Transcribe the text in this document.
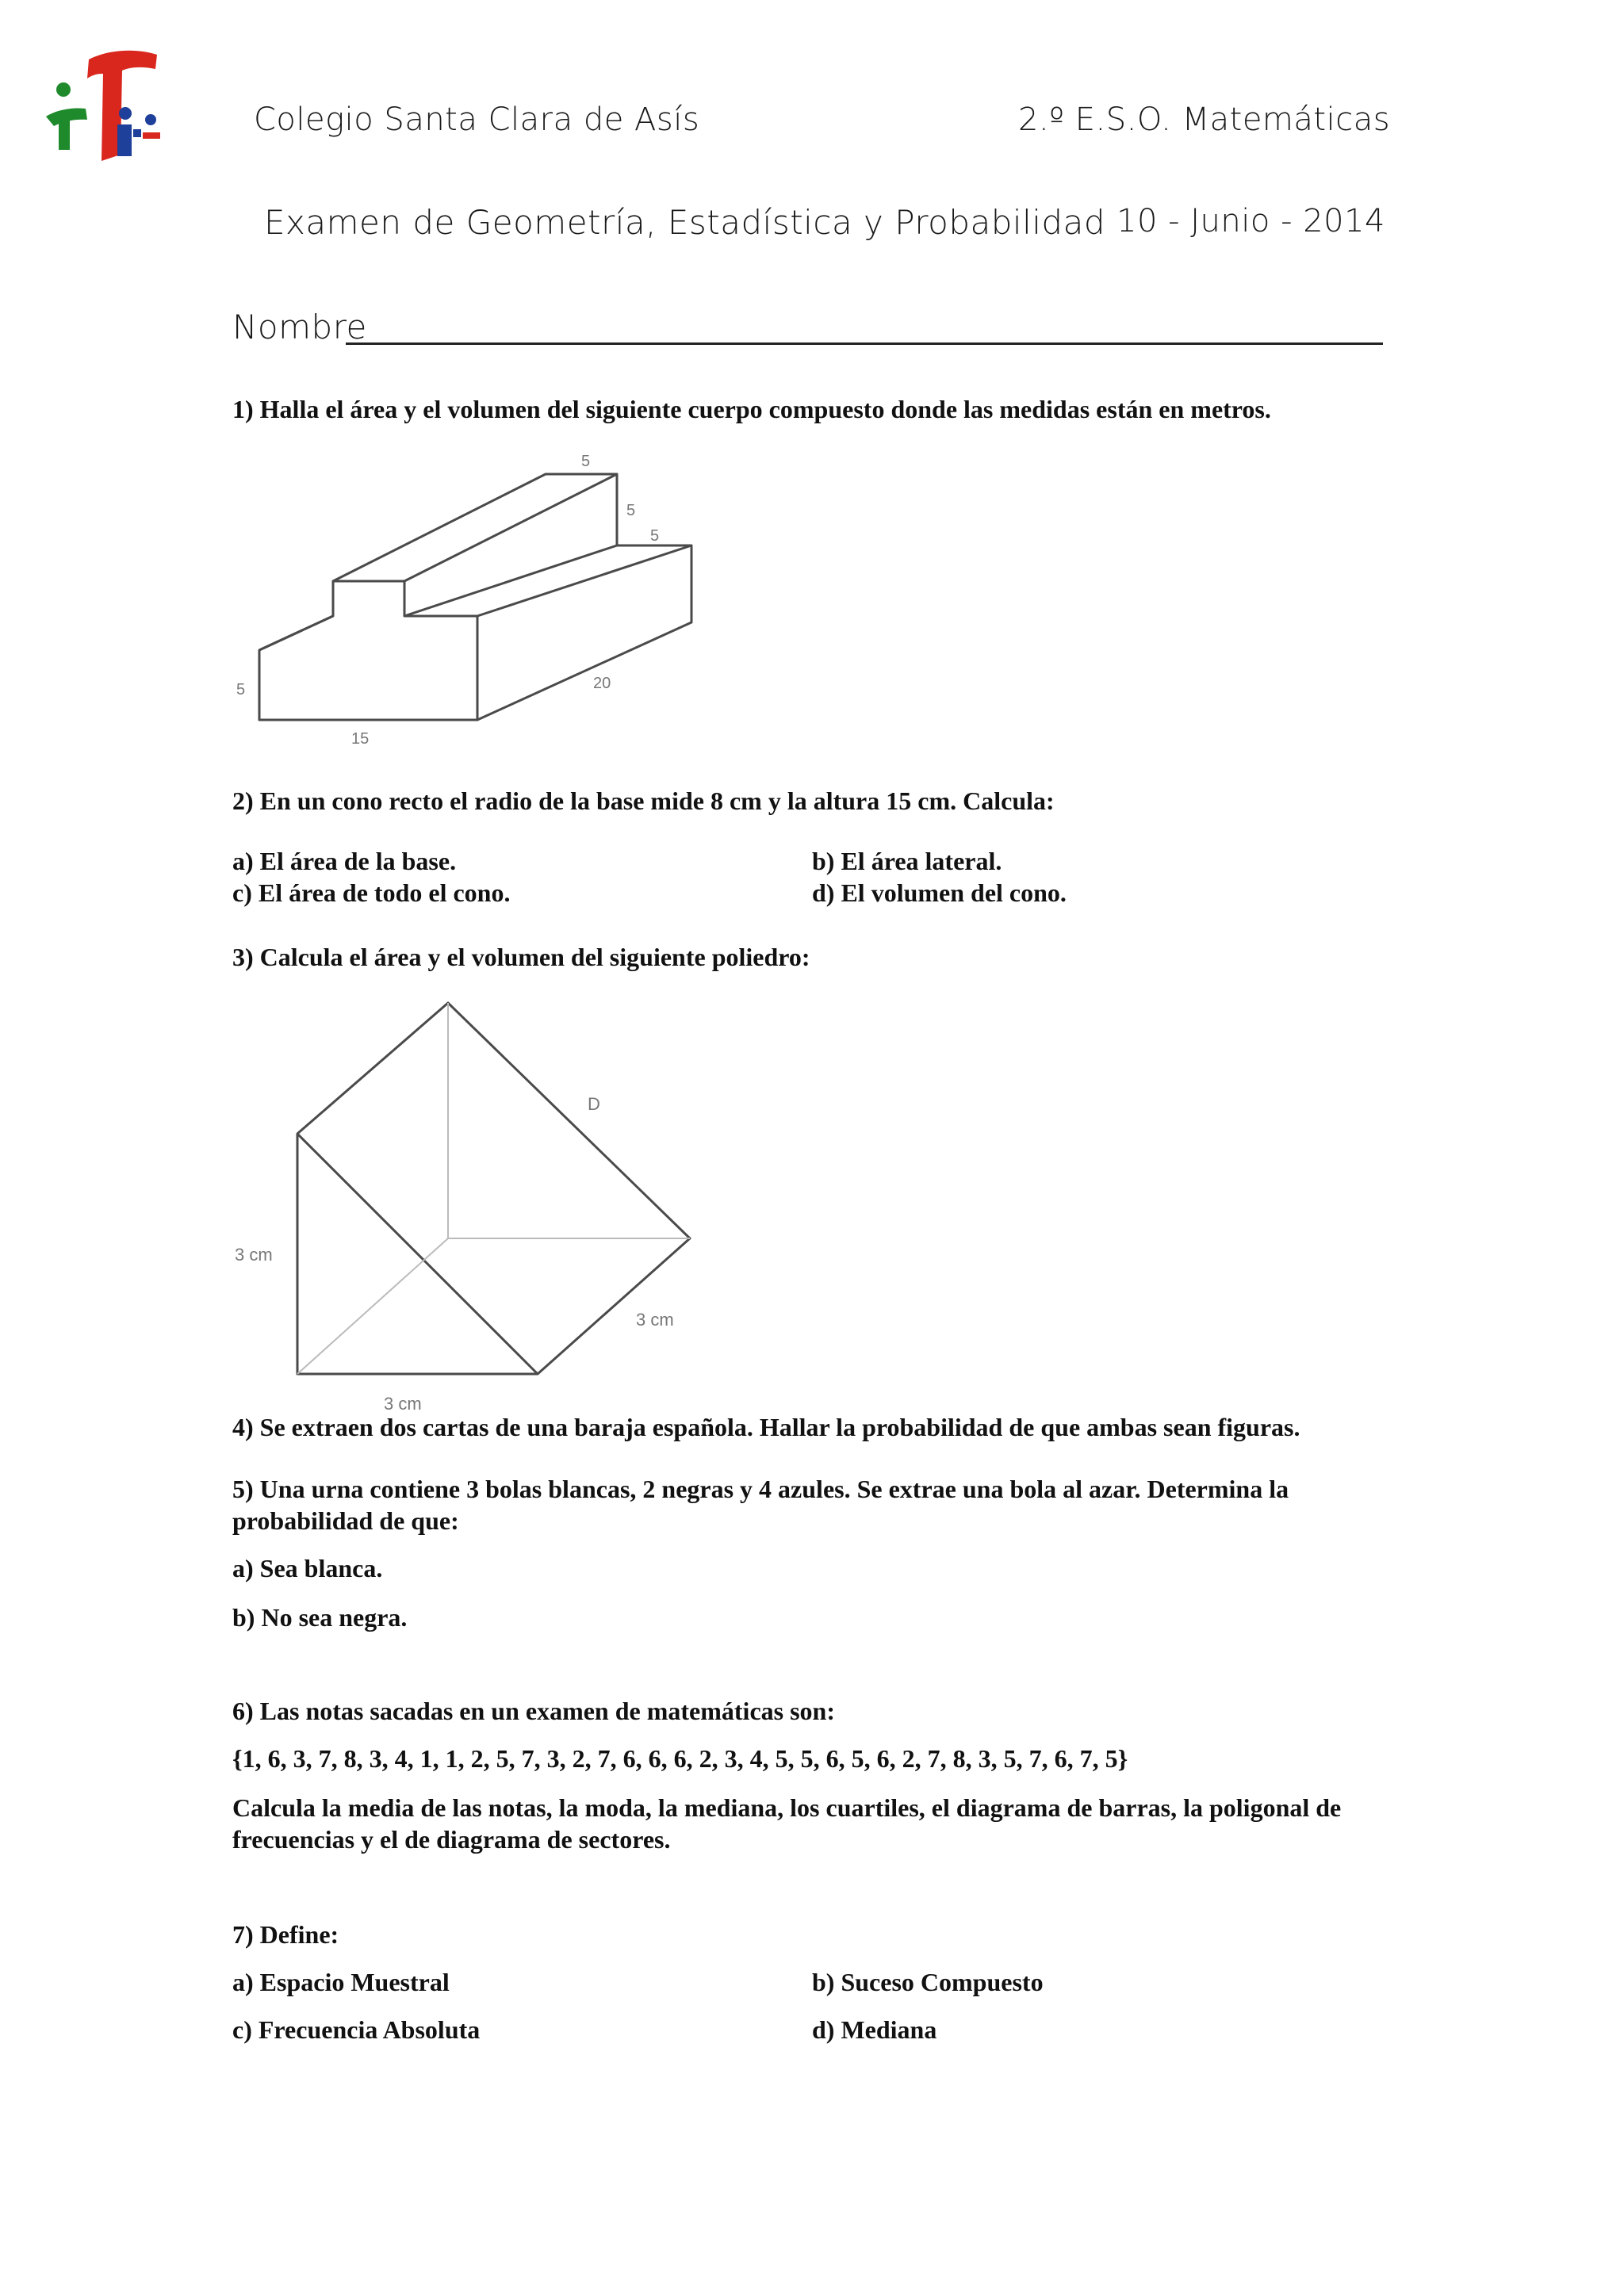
Colegio Santa Clara de Asís	2.º E.S.O. Matemáticas
Examen de Geometría, Estadística y Probabilidad 10 - Junio - 2014
Nombre
1) Halla el área y el volumen del siguiente cuerpo compuesto donde las medidas están en metros.
5
5
5
5	20
15
2) En un cono recto el radio de la base mide 8 cm y la altura 15 cm. Calcula:
a) El área de la base.	b) El área lateral.
c) El área de todo el cono.	d) El volumen del cono.
3) Calcula el área y el volumen del siguiente poliedro:
D
3 cm
3 cm
3 cm
4) Se extraen dos cartas de una baraja española. Hallar la probabilidad de que ambas sean figuras.
5) Una urna contiene 3 bolas blancas, 2 negras y 4 azules. Se extrae una bola al azar. Determina la probabilidad de que:
a) Sea blanca.
b) No sea negra.
6) Las notas sacadas en un examen de matemáticas son:
{1, 6, 3, 7, 8, 3, 4, 1, 1, 2, 5, 7, 3, 2, 7, 6, 6, 6, 2, 3, 4, 5, 5, 6, 5, 6, 2, 7, 8, 3, 5, 7, 6, 7, 5}
Calcula la media de las notas, la moda, la mediana, los cuartiles, el diagrama de barras, la poligonal de frecuencias y el de diagrama de sectores.
7) Define:
a) Espacio Muestral	b) Suceso Compuesto
c) Frecuencia Absoluta	d) Mediana
